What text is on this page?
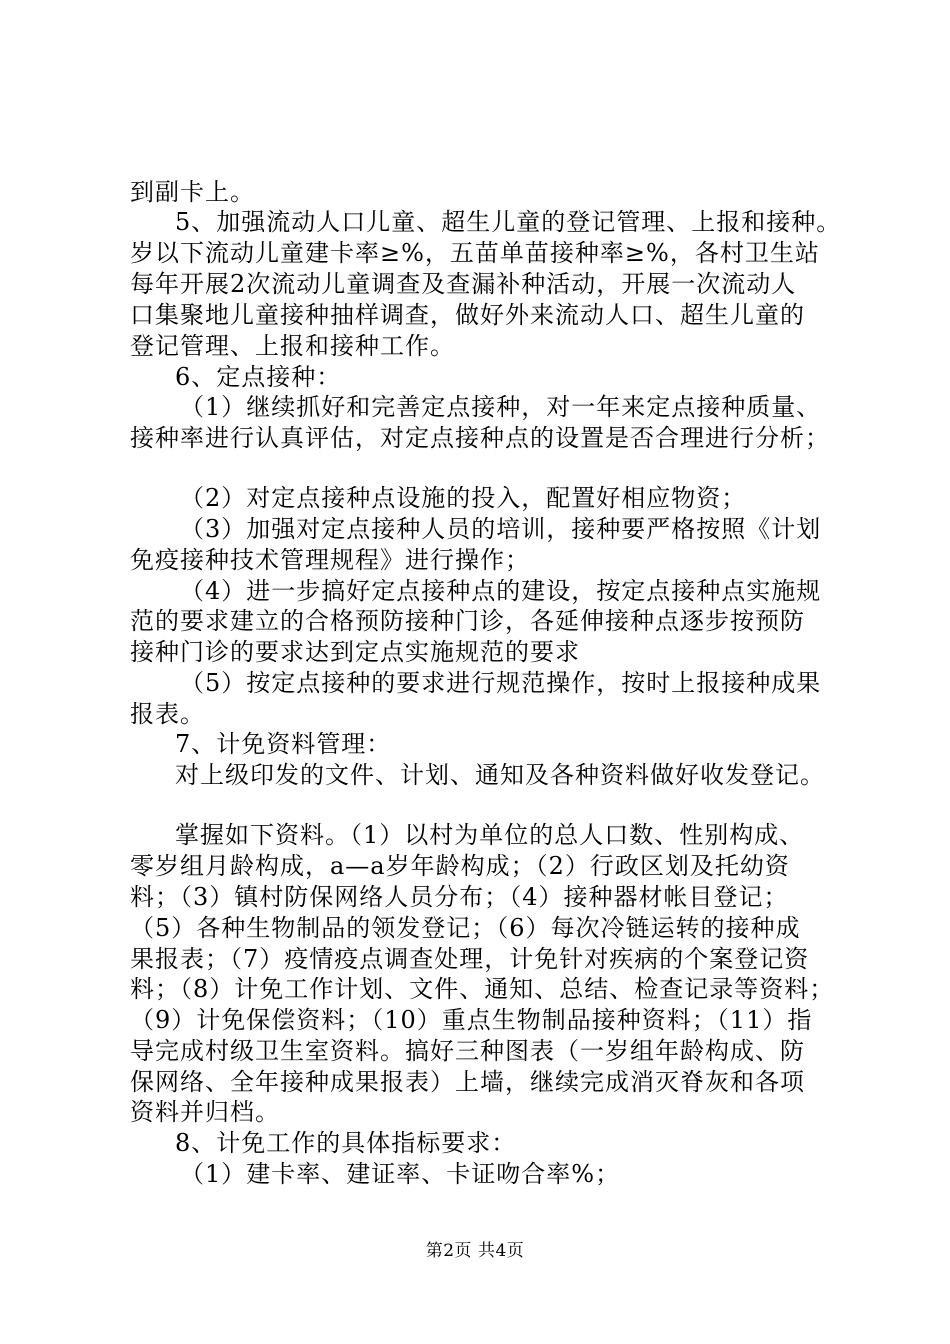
到副卡上。
5、加强流动人口儿童、超生儿童的登记管理、上报和接种。
岁以下流动儿童建卡率≥%，五苗单苗接种率≥%，各村卫生站
每年开展2次流动儿童调查及查漏补种活动，开展一次流动人
口集聚地儿童接种抽样调查，做好外来流动人口、超生儿童的
登记管理、上报和接种工作。
6、定点接种：
（1）继续抓好和完善定点接种，对一年来定点接种质量、
接种率进行认真评估，对定点接种点的设置是否合理进行分析；
（2）对定点接种点设施的投入，配置好相应物资；
（3）加强对定点接种人员的培训，接种要严格按照《计划
免疫接种技术管理规程》进行操作；
（4）进一步搞好定点接种点的建设，按定点接种点实施规
范的要求建立的合格预防接种门诊，各延伸接种点逐步按预防
接种门诊的要求达到定点实施规范的要求
（5）按定点接种的要求进行规范操作，按时上报接种成果
报表。
7、计免资料管理：
对上级印发的文件、计划、通知及各种资料做好收发登记。
掌握如下资料。（1）以村为单位的总人口数、性别构成、
零岁组月龄构成，a—a岁年龄构成；（2）行政区划及托幼资
料；（3）镇村防保网络人员分布；（4）接种器材帐目登记；
（5）各种生物制品的领发登记；（6）每次冷链运转的接种成
果报表；（7）疫情疫点调查处理，计免针对疾病的个案登记资
料；（8）计免工作计划、文件、通知、总结、检查记录等资料；
（9）计免保偿资料；（10）重点生物制品接种资料；（11）指
导完成村级卫生室资料。搞好三种图表（一岁组年龄构成、防
保网络、全年接种成果报表）上墙，继续完成消灭脊灰和各项
资料并归档。
8、计免工作的具体指标要求：
（1）建卡率、建证率、卡证吻合率%；
第2页 共4页
